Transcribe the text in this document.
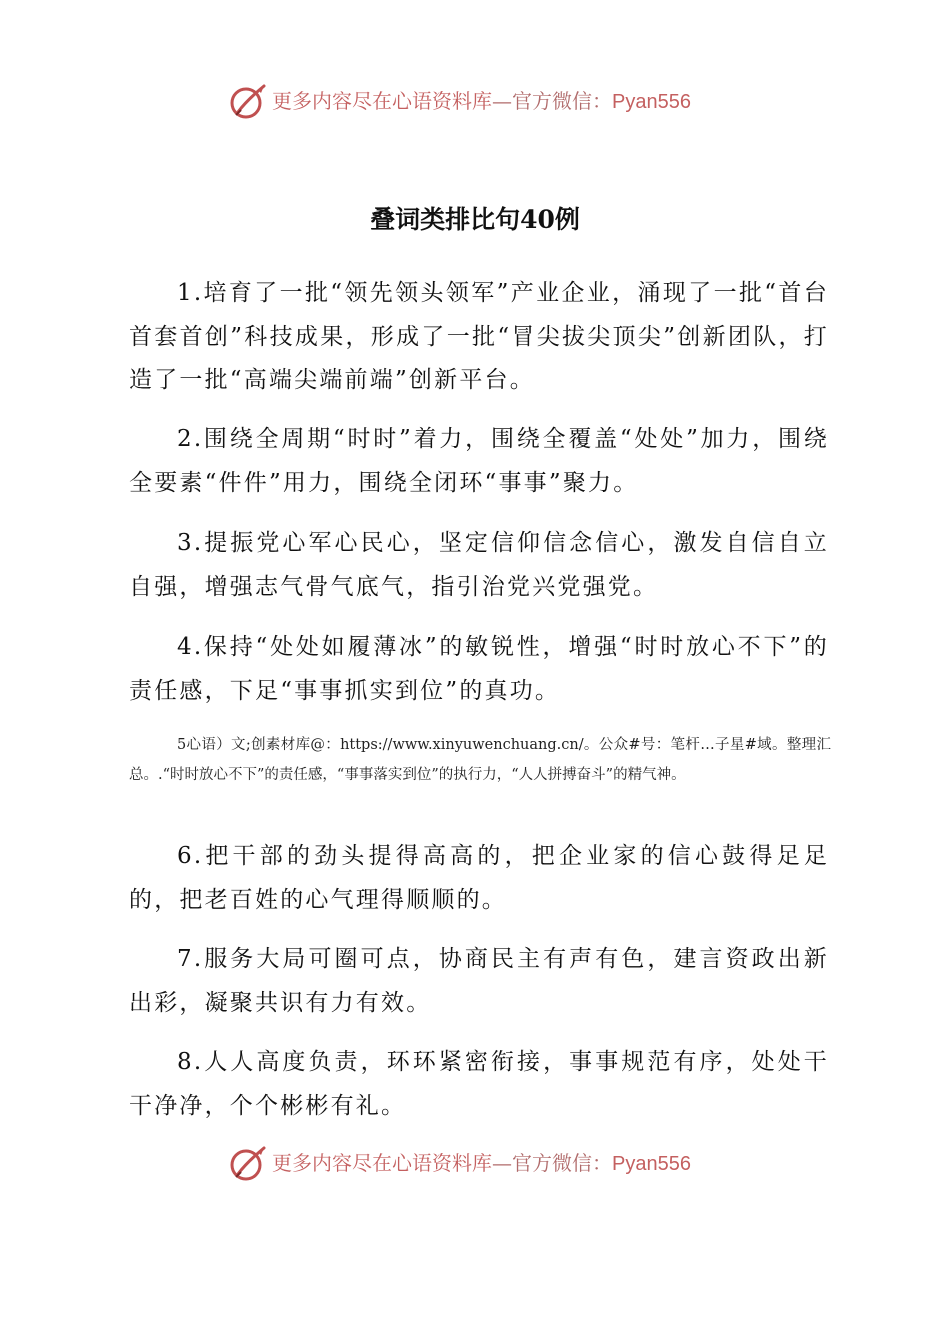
更多内容尽在心语资料库—官方微信：Pyan556
叠词类排比句40例
1.培育了一批“领先领头领军”产业企业，涌现了一批“首台首套首创”科技成果，形成了一批“冒尖拔尖顶尖”创新团队，打造了一批“高端尖端前端”创新平台。
2.围绕全周期“时时”着力，围绕全覆盖“处处”加力，围绕全要素“件件”用力，围绕全闭环“事事”聚力。
3.提振党心军心民心，坚定信仰信念信心，激发自信自立自强，增强志气骨气底气，指引治党兴党强党。
4.保持“处处如履薄冰”的敏锐性，增强“时时放心不下”的责任感，下足“事事抓实到位”的真功。
5心语）文;创素材库@：https://www.xinyuwenchuang.cn/。公众#号：笔杆…子星#域。整理汇总。.“时时放心不下”的责任感，“事事落实到位”的执行力，“人人拼搏奋斗”的精气神。
6.把干部的劲头提得高高的，把企业家的信心鼓得足足的，把老百姓的心气理得顺顺的。
7.服务大局可圈可点，协商民主有声有色，建言资政出新出彩，凝聚共识有力有效。
8.人人高度负责，环环紧密衔接，事事规范有序，处处干干净净，个个彬彬有礼。
更多内容尽在心语资料库—官方微信：Pyan556
